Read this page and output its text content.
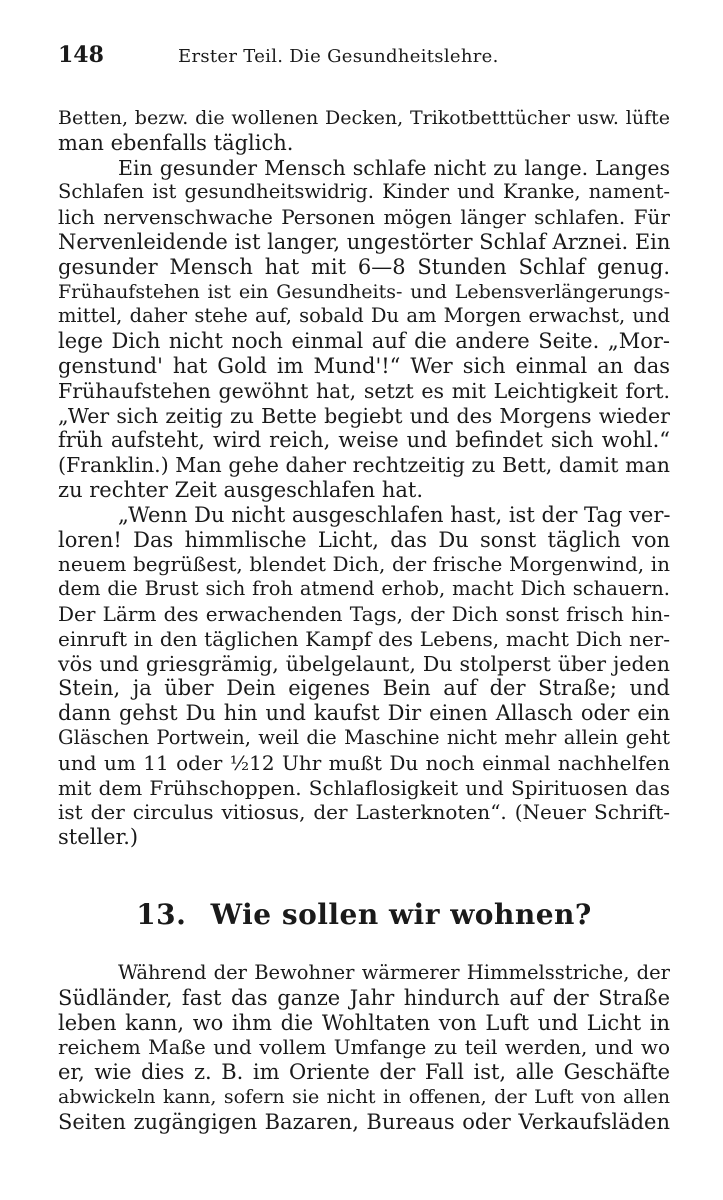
148	Erster Teil. Die Gesundheitslehre.
Betten, bezw. die wollenen Decken, Trikotbetttücher usw. lüfte
man ebenfalls täglich.
Ein gesunder Mensch schlafe nicht zu lange. Langes
Schlafen ist gesundheitswidrig. Kinder und Kranke, nament-
lich nervenschwache Personen mögen länger schlafen. Für
Nervenleidende ist langer, ungestörter Schlaf Arznei. Ein
gesunder Mensch hat mit 6—8 Stunden Schlaf genug.
Frühaufstehen ist ein Gesundheits- und Lebensverlängerungs-
mittel, daher stehe auf, sobald Du am Morgen erwachst, und
lege Dich nicht noch einmal auf die andere Seite. „Mor-
genstund' hat Gold im Mund'!“ Wer sich einmal an das
Frühaufstehen gewöhnt hat, setzt es mit Leichtigkeit fort.
„Wer sich zeitig zu Bette begiebt und des Morgens wieder
früh aufsteht, wird reich, weise und befindet sich wohl.“
(Franklin.) Man gehe daher rechtzeitig zu Bett, damit man
zu rechter Zeit ausgeschlafen hat.
„Wenn Du nicht ausgeschlafen hast, ist der Tag ver-
loren! Das himmlische Licht, das Du sonst täglich von
neuem begrüßest, blendet Dich, der frische Morgenwind, in
dem die Brust sich froh atmend erhob, macht Dich schauern.
Der Lärm des erwachenden Tags, der Dich sonst frisch hin-
einruft in den täglichen Kampf des Lebens, macht Dich ner-
vös und griesgrämig, übelgelaunt, Du stolperst über jeden
Stein, ja über Dein eigenes Bein auf der Straße; und
dann gehst Du hin und kaufst Dir einen Allasch oder ein
Gläschen Portwein, weil die Maschine nicht mehr allein geht
und um 11 oder ½12 Uhr mußt Du noch einmal nachhelfen
mit dem Frühschoppen. Schlaflosigkeit und Spirituosen das
ist der circulus vitiosus, der Lasterknoten“. (Neuer Schrift-
steller.)
13. Wie sollen wir wohnen?
Während der Bewohner wärmerer Himmelsstriche, der
Südländer, fast das ganze Jahr hindurch auf der Straße
leben kann, wo ihm die Wohltaten von Luft und Licht in
reichem Maße und vollem Umfange zu teil werden, und wo
er, wie dies z. B. im Oriente der Fall ist, alle Geschäfte
abwickeln kann, sofern sie nicht in offenen, der Luft von allen
Seiten zugängigen Bazaren, Bureaus oder Verkaufsläden
